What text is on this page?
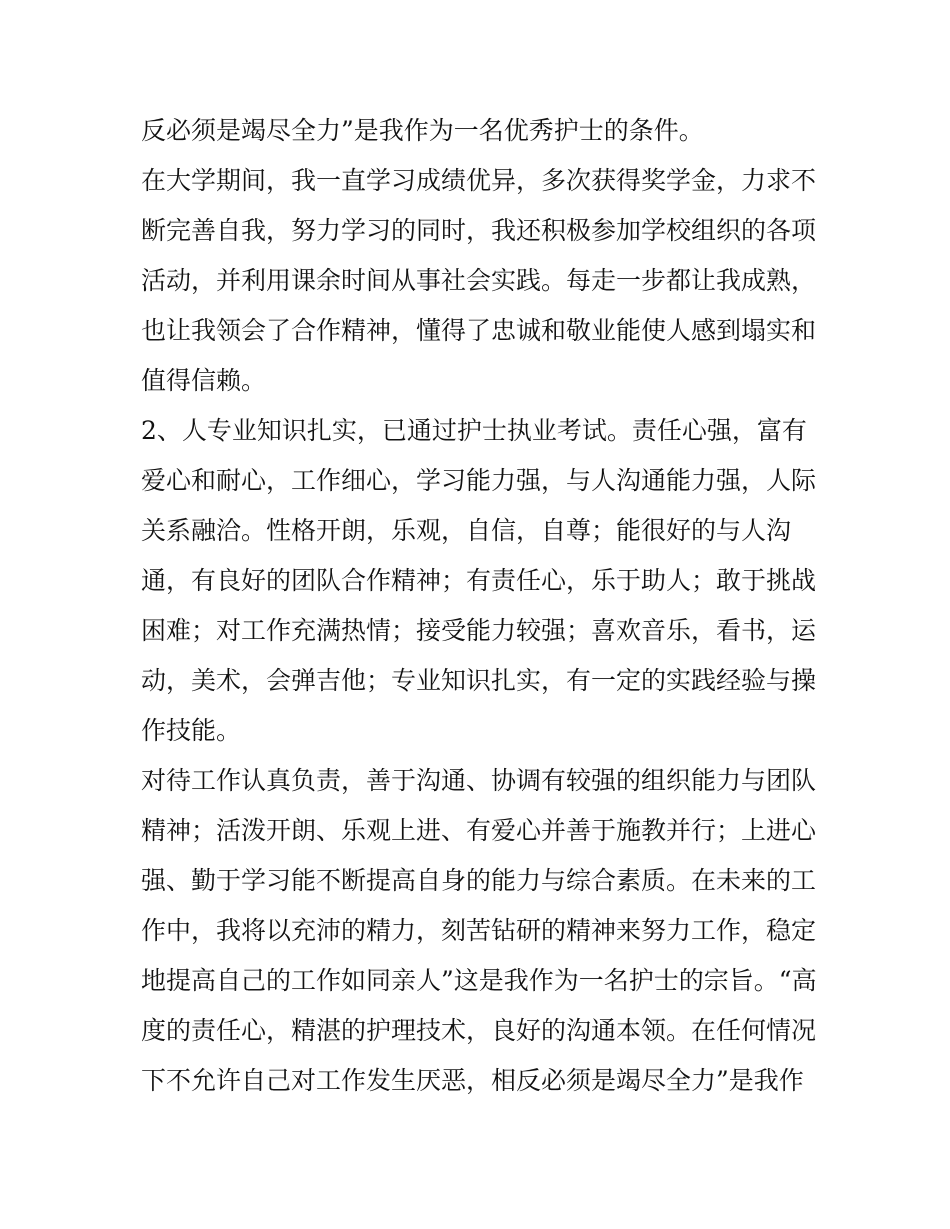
反必须是竭尽全力”是我作为一名优秀护士的条件。
在大学期间，我一直学习成绩优异，多次获得奖学金，力求不
断完善自我，努力学习的同时，我还积极参加学校组织的各项
活动，并利用课余时间从事社会实践。每走一步都让我成熟，
也让我领会了合作精神，懂得了忠诚和敬业能使人感到塌实和
值得信赖。
2、人专业知识扎实，已通过护士执业考试。责任心强，富有
爱心和耐心，工作细心，学习能力强，与人沟通能力强，人际
关系融洽。性格开朗，乐观，自信，自尊；能很好的与人沟
通，有良好的团队合作精神；有责任心，乐于助人；敢于挑战
困难；对工作充满热情；接受能力较强；喜欢音乐，看书，运
动，美术，会弹吉他；专业知识扎实，有一定的实践经验与操
作技能。
对待工作认真负责，善于沟通、协调有较强的组织能力与团队
精神；活泼开朗、乐观上进、有爱心并善于施教并行；上进心
强、勤于学习能不断提高自身的能力与综合素质。在未来的工
作中，我将以充沛的精力，刻苦钻研的精神来努力工作，稳定
地提高自己的工作如同亲人”这是我作为一名护士的宗旨。“高
度的责任心，精湛的护理技术，良好的沟通本领。在任何情况
下不允许自己对工作发生厌恶，相反必须是竭尽全力”是我作
